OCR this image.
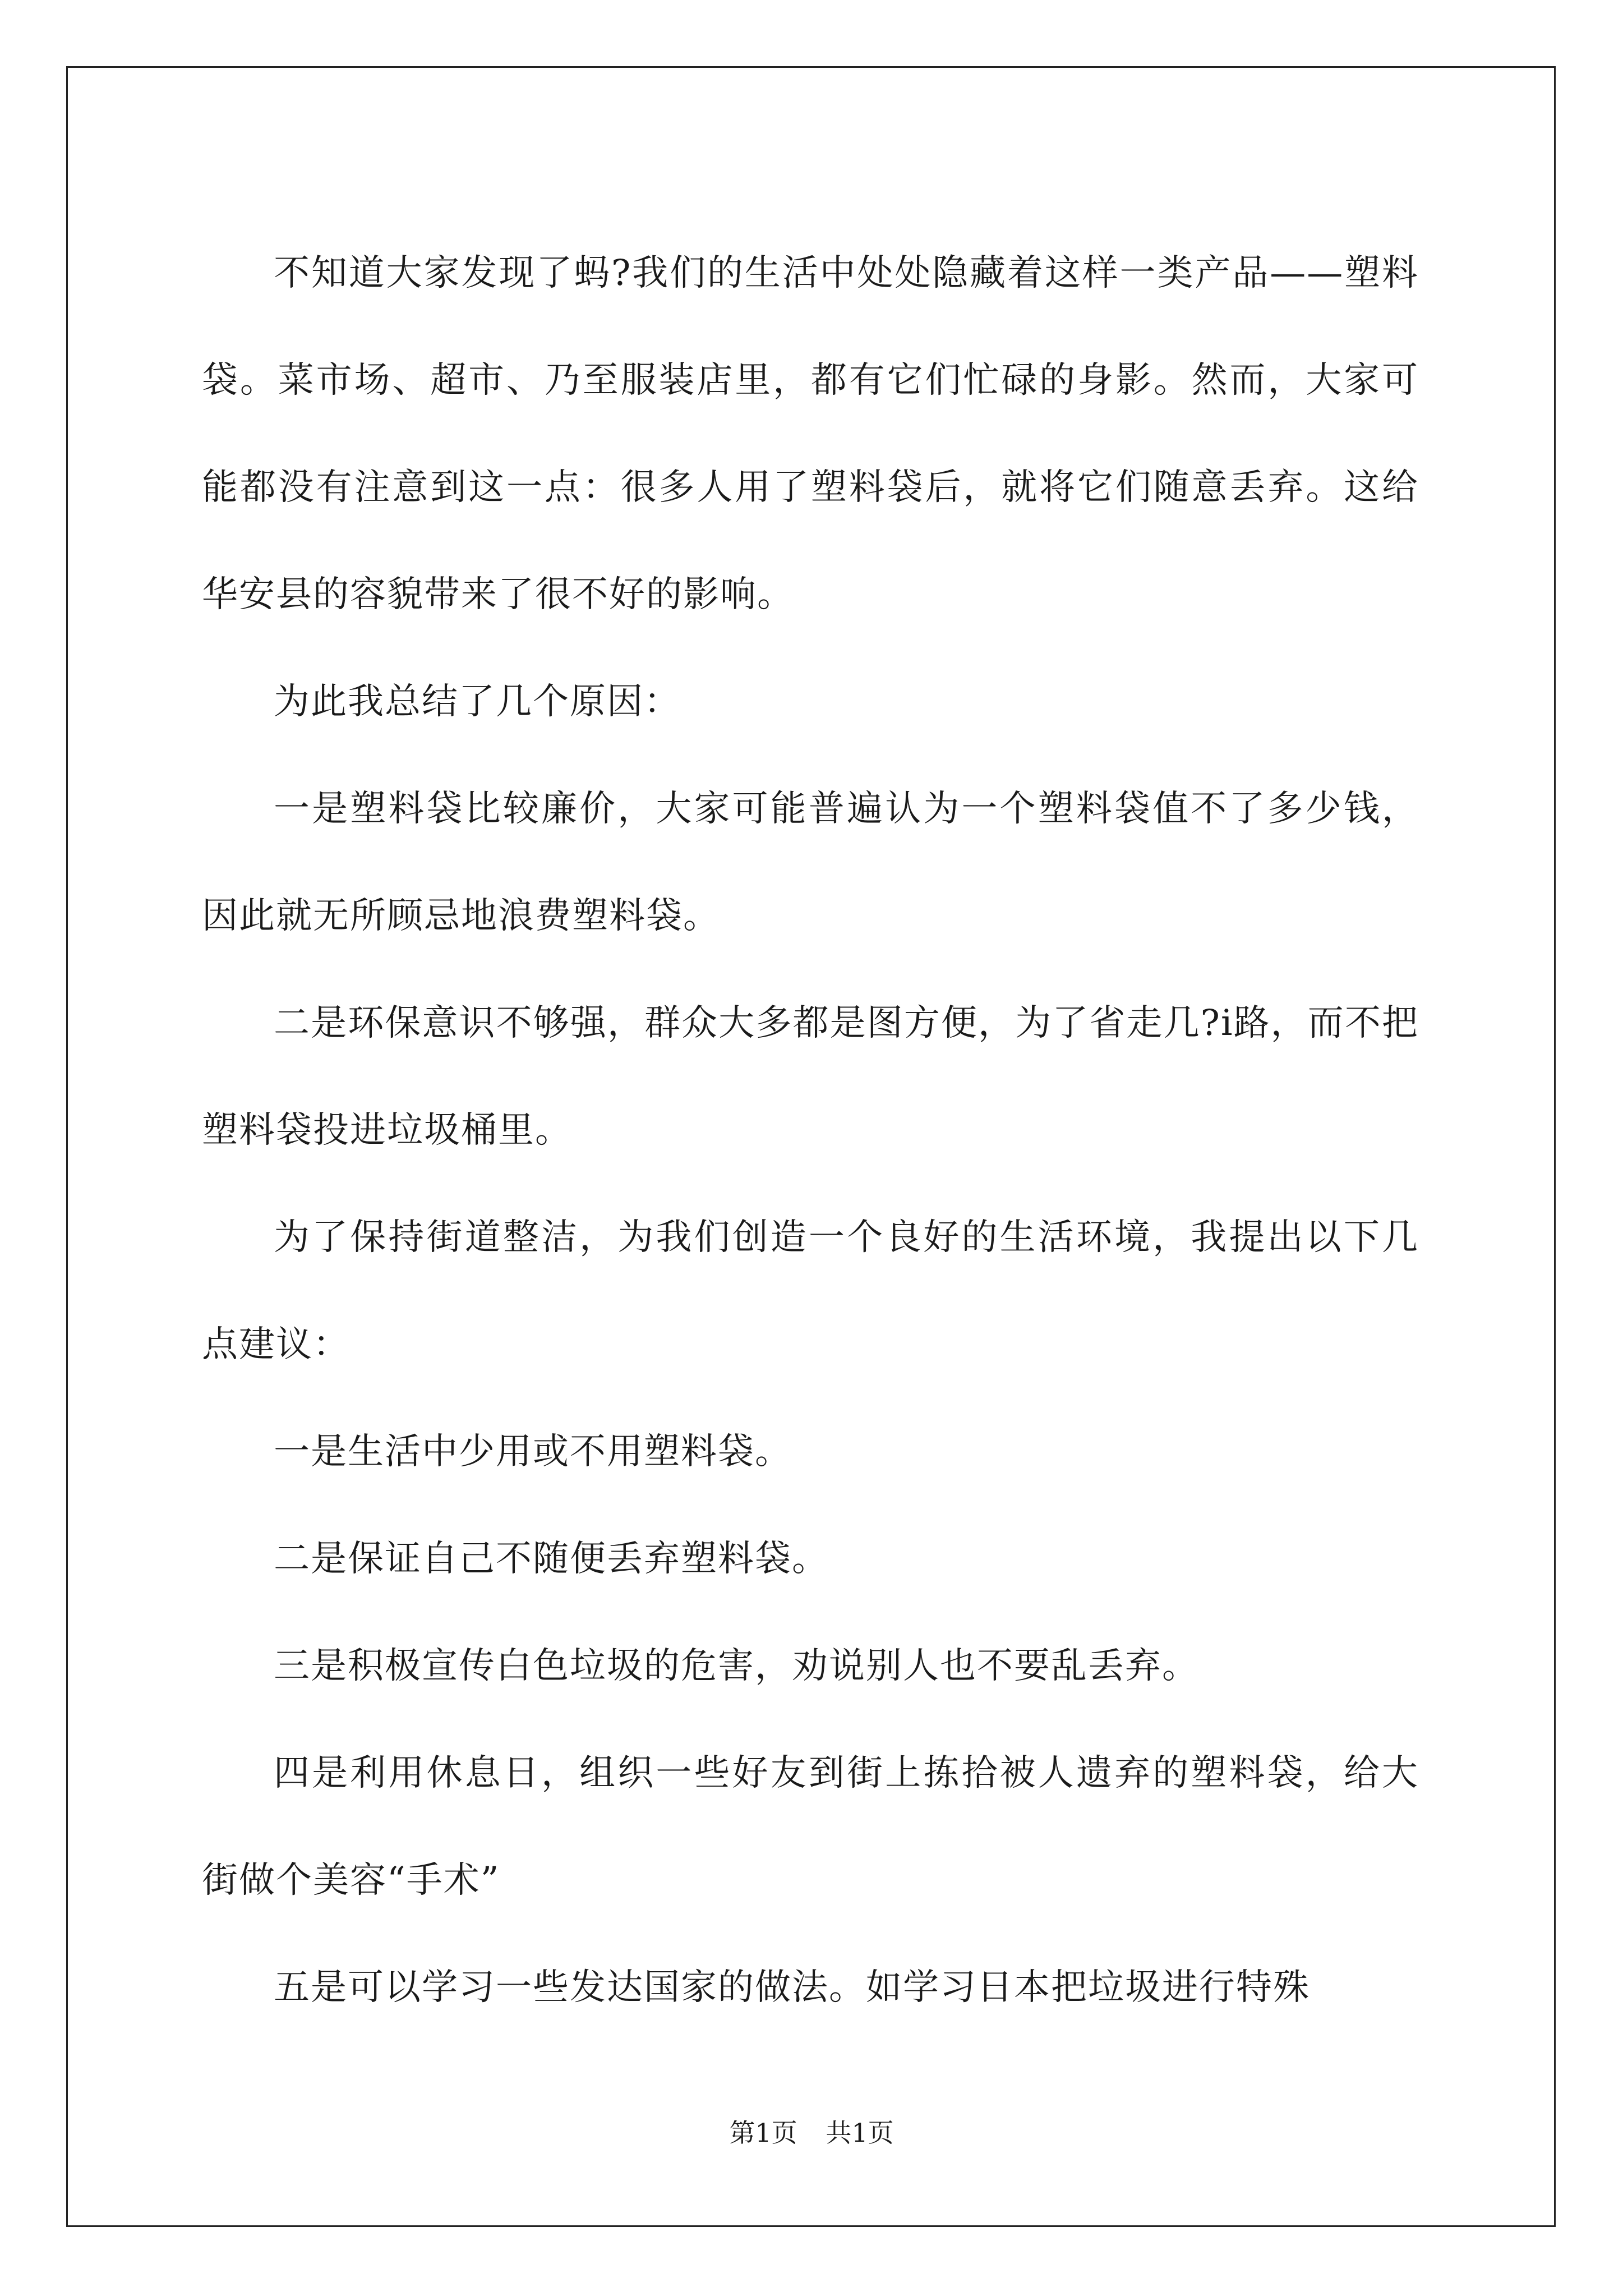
不知道大家发现了蚂?我们的生活中处处隐藏着这样一类产品——塑料袋。菜市场、超市、乃至服装店里，都有它们忙碌的身影。然而，大家可能都没有注意到这一点：很多人用了塑料袋后，就将它们随意丢弃。这给华安县的容貌带来了很不好的影响。

为此我总结了几个原因：

一是塑料袋比较廉价，大家可能普遍认为一个塑料袋值不了多少钱，因此就无所顾忌地浪费塑料袋。

二是环保意识不够强，群众大多都是图方便，为了省走几?i路，而不把塑料袋投进垃圾桶里。

为了保持街道整洁，为我们创造一个良好的生活环境，我提出以下几点建议：

一是生活中少用或不用塑料袋。

二是保证自己不随便丢弃塑料袋。

三是积极宣传白色垃圾的危害，劝说别人也不要乱丢弃。

四是利用休息日，组织一些好友到街上拣拾被人遗弃的塑料袋，给大街做个美容“手术”

五是可以学习一些发达国家的做法。如学习日本把垃圾进行特殊

第1页 共1页
